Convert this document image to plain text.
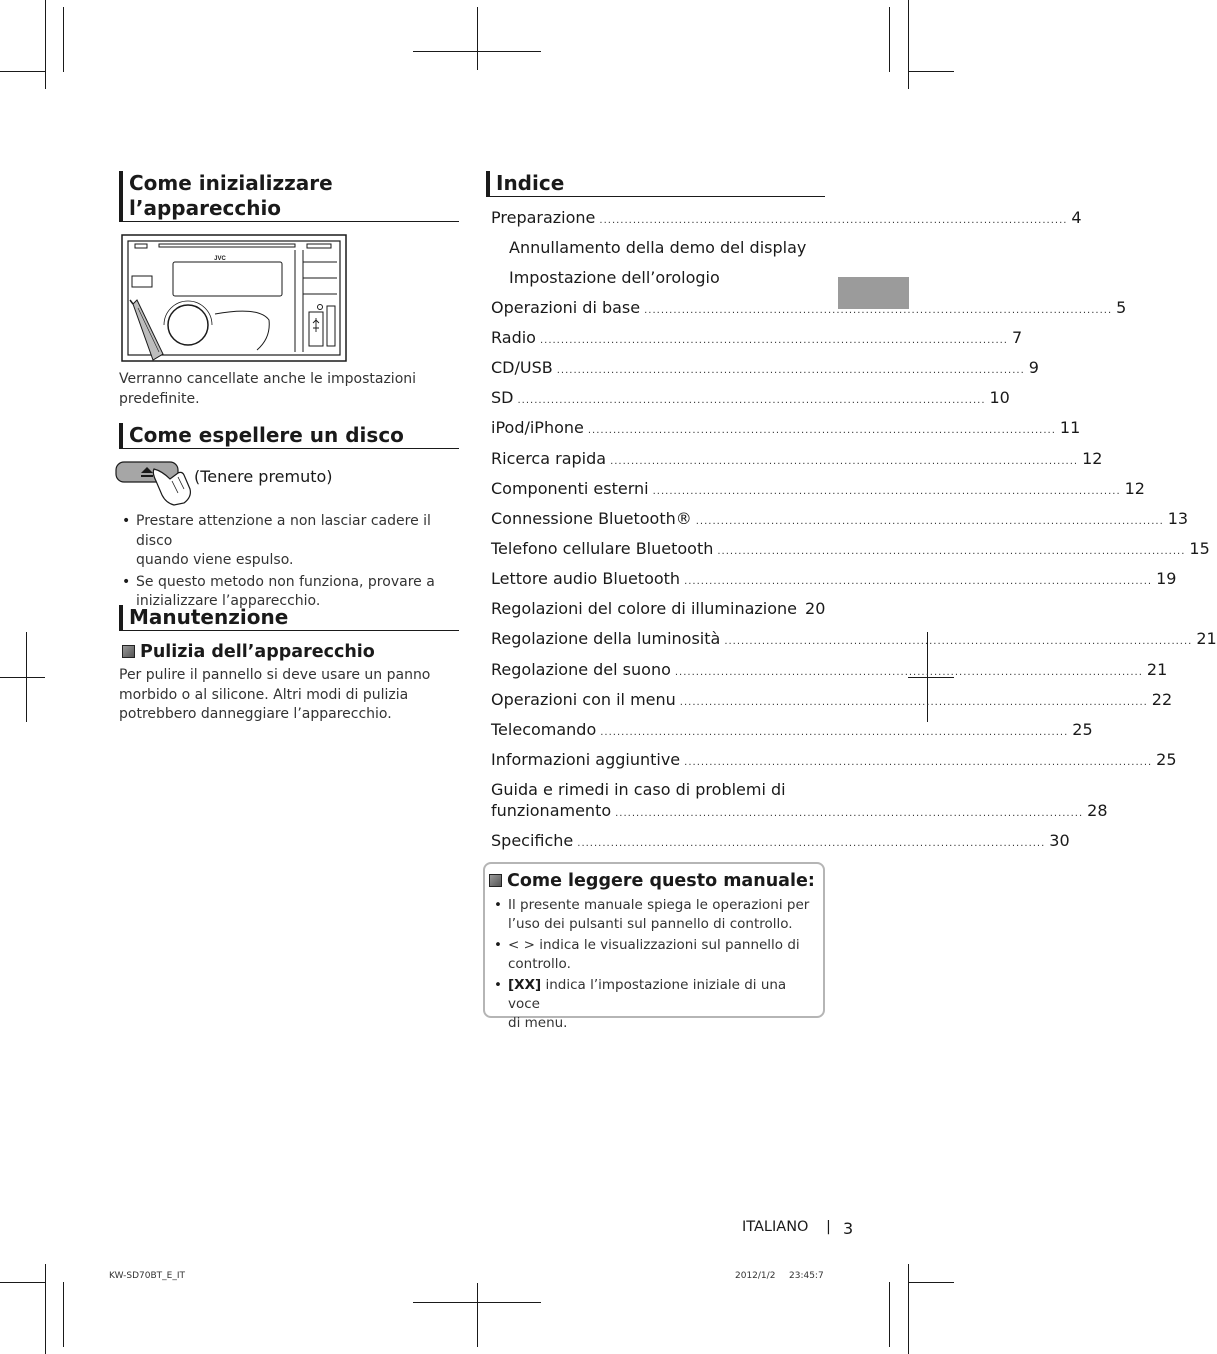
Come inizializzare
l’apparecchio
JVC
Verranno cancellate anche le impostazioni
predefinite.
Come espellere un disco
(Tenere premuto)
• Prestare attenzione a non lasciar cadere il disco
quando viene espulso.
• Se questo metodo non funziona, provare a
inizializzare l’apparecchio.
Manutenzione
Pulizia dell’apparecchio
Per pulire il pannello si deve usare un panno
morbido o al silicone. Altri modi di pulizia
potrebbero danneggiare l’apparecchio.
Indice
Preparazione ................................................................................................................ 4
Annullamento della demo del display
Impostazione dell’orologio
Operazioni di base ................................................................................................................ 5
Radio ................................................................................................................ 7
CD/USB ................................................................................................................ 9
SD ................................................................................................................ 10
iPod/iPhone ................................................................................................................ 11
Ricerca rapida ................................................................................................................ 12
Componenti esterni ................................................................................................................ 12
Connessione Bluetooth® ................................................................................................................ 13
Telefono cellulare Bluetooth ................................................................................................................ 15
Lettore audio Bluetooth ................................................................................................................ 19
Regolazioni del colore di illuminazione 20
Regolazione della luminosità ................................................................................................................ 21
Regolazione del suono ................................................................................................................ 21
Operazioni con il menu ................................................................................................................ 22
Telecomando ................................................................................................................ 25
Informazioni aggiuntive ................................................................................................................ 25
Guida e rimedi in caso di problemi di
funzionamento ................................................................................................................ 28
Specifiche ................................................................................................................ 30
Come leggere questo manuale:
• Il presente manuale spiega le operazioni per
l’uso dei pulsanti sul pannello di controllo.
• < > indica le visualizzazioni sul pannello di
controllo.
• [XX] indica l’impostazione iniziale di una voce
di menu.
ITALIANO | 3
KW-SD70BT_E_IT	2012/1/2 23:45:7
